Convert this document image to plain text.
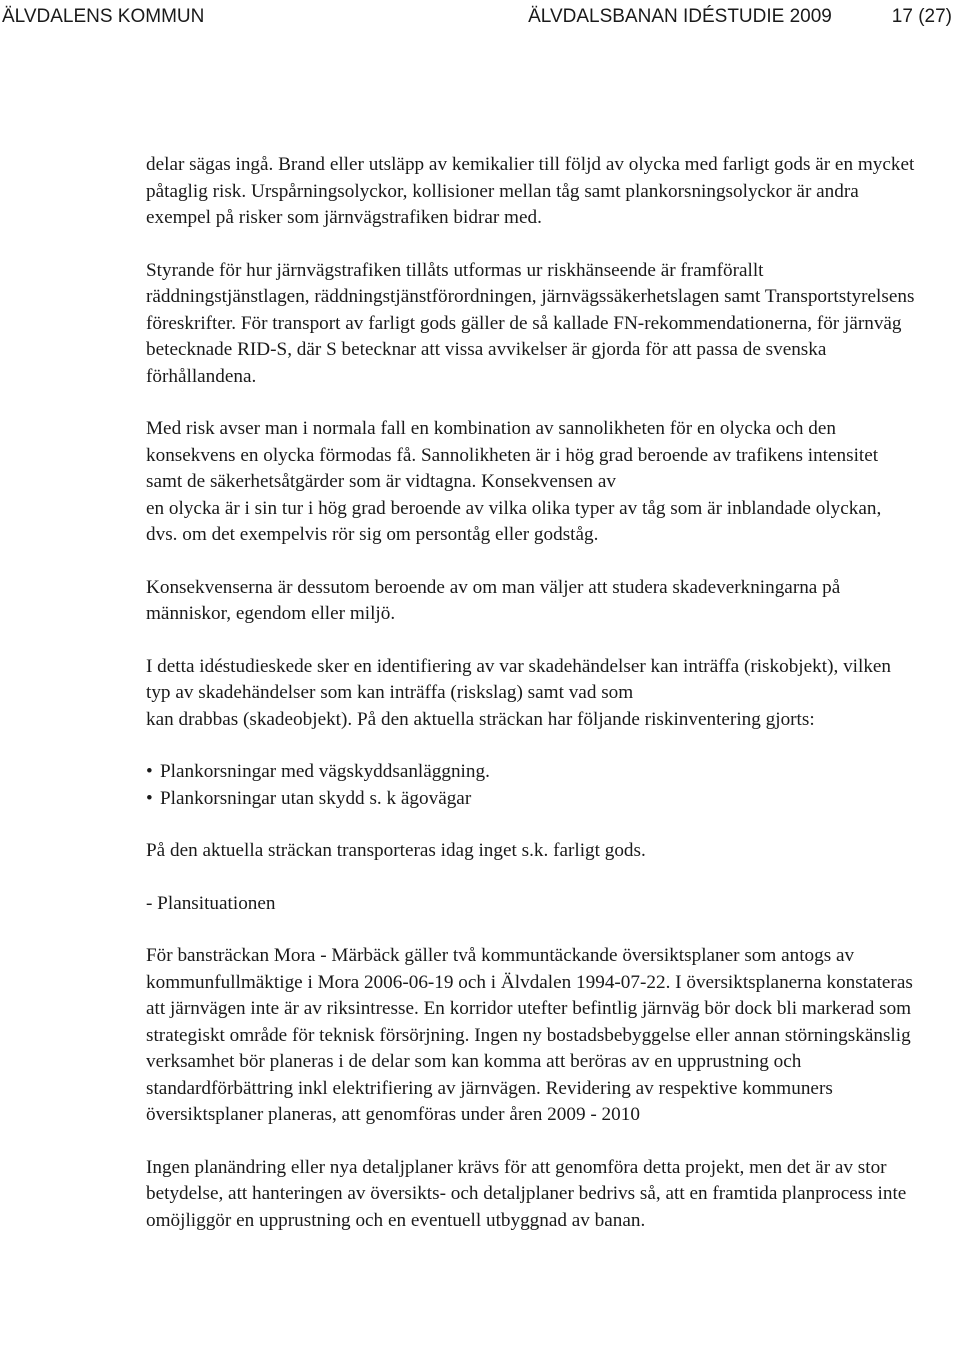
ÄLVDALENS KOMMUN	ÄLVDALSBANAN IDÉSTUDIE 2009	17 (27)

delar sägas ingå. Brand eller utsläpp av kemikalier till följd av olycka med farligt gods är en mycket påtaglig risk. Urspårningsolyckor, kollisioner mellan tåg samt plankorsningsolyckor är andra exempel på risker som järnvägstrafiken bidrar med.

Styrande för hur järnvägstrafiken tillåts utformas ur riskhänseende är framförallt räddningstjänstlagen, räddningstjänstförordningen, järnvägssäkerhetslagen samt Transportstyrelsens föreskrifter. För transport av farligt gods gäller de så kallade FN-rekommendationerna, för järnväg betecknade RID-S, där S betecknar att vissa avvikelser är gjorda för att passa de svenska förhållandena.

Med risk avser man i normala fall en kombination av sannolikheten för en olycka och den konsekvens en olycka förmodas få. Sannolikheten är i hög grad beroende av trafikens intensitet samt de säkerhetsåtgärder som är vidtagna. Konsekvensen av
en olycka är i sin tur i hög grad beroende av vilka olika typer av tåg som är inblandade olyckan, dvs. om det exempelvis rör sig om persontåg eller godståg.

Konsekvenserna är dessutom beroende av om man väljer att studera skadeverkningarna på människor, egendom eller miljö.

I detta idéstudieskede sker en identifiering av var skadehändelser kan inträffa (riskobjekt), vilken typ av skadehändelser som kan inträffa (riskslag) samt vad som
kan drabbas (skadeobjekt). På den aktuella sträckan har följande riskinventering gjorts:

• Plankorsningar med vägskyddsanläggning.
• Plankorsningar utan skydd s. k ägovägar

På den aktuella sträckan transporteras idag inget s.k. farligt gods.

- Plansituationen

För bansträckan Mora - Märbäck gäller två kommuntäckande översiktsplaner som antogs av kommunfullmäktige i Mora 2006-06-19 och i Älvdalen 1994-07-22. I översiktsplanerna konstateras att järnvägen inte är av riksintresse. En korridor utefter befintlig järnväg bör dock bli markerad som strategiskt område för teknisk försörjning. Ingen ny bostadsbebyggelse eller annan störningskänslig verksamhet bör planeras i de delar som kan komma att beröras av en upprustning och standardförbättring inkl elektrifiering av järnvägen. Revidering av respektive kommuners översiktsplaner planeras, att genomföras under åren 2009 - 2010

Ingen planändring eller nya detaljplaner krävs för att genomföra detta projekt, men det är av stor betydelse, att hanteringen av översikts- och detaljplaner bedrivs så, att en framtida planprocess inte omöjliggör en upprustning och en eventuell utbyggnad av banan.
